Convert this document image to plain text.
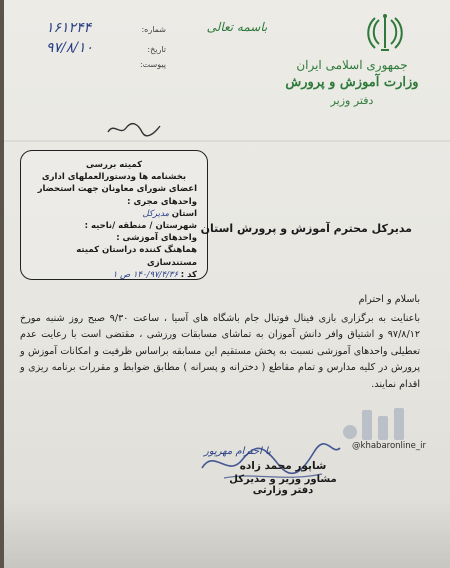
جمهوری اسلامی ایران
وزارت آموزش و پرورش
دفتر وزیر
باسمه تعالی
شماره:
۱۶۱۲۴۴
تاریخ:
۹۷/۸/۱۰
پیوست:
کمیته بررسی
بخشنامه ها ودستورالعملهای اداری
اعضای شورای معاونان جهت استحضار
واحدهای مجری :
استان مدیرکل
شهرستان / منطقه /ناحیه :
واحدهای آموزشی :
هماهنگ کننده دراستان کمیته مستندسازی
کد : ۱۴۰/۹۷/۴/۳۶ ص ۱
مدیرکل محترم آموزش و پرورش استان

باسلام و احترام

باعنایت به برگزاری بازی فینال فوتبال جام باشگاه های آسیا ، ساعت ۹/۳۰ صبح روز شنبه مورخ ۹۷/۸/۱۲ و اشتیاق وافر دانش آموزان به تماشای مسابقات ورزشی ، مقتضی است با رعایت عدم تعطیلی واحدهای آموزشی نسبت به پخش مستقیم این مسابقه براساس ظرفیت و امکانات آموزش و پرورش در کلیه مدارس و تمام مقاطع ( دخترانه و پسرانه ) مطابق ضوابط و مقررات برنامه ریزی و اقدام نمایند.

@khabaronline_ir
با احترام مهرپور
شاپور محمد زاده
مشاور وزیر و مدیرکل دفتر وزارتی
